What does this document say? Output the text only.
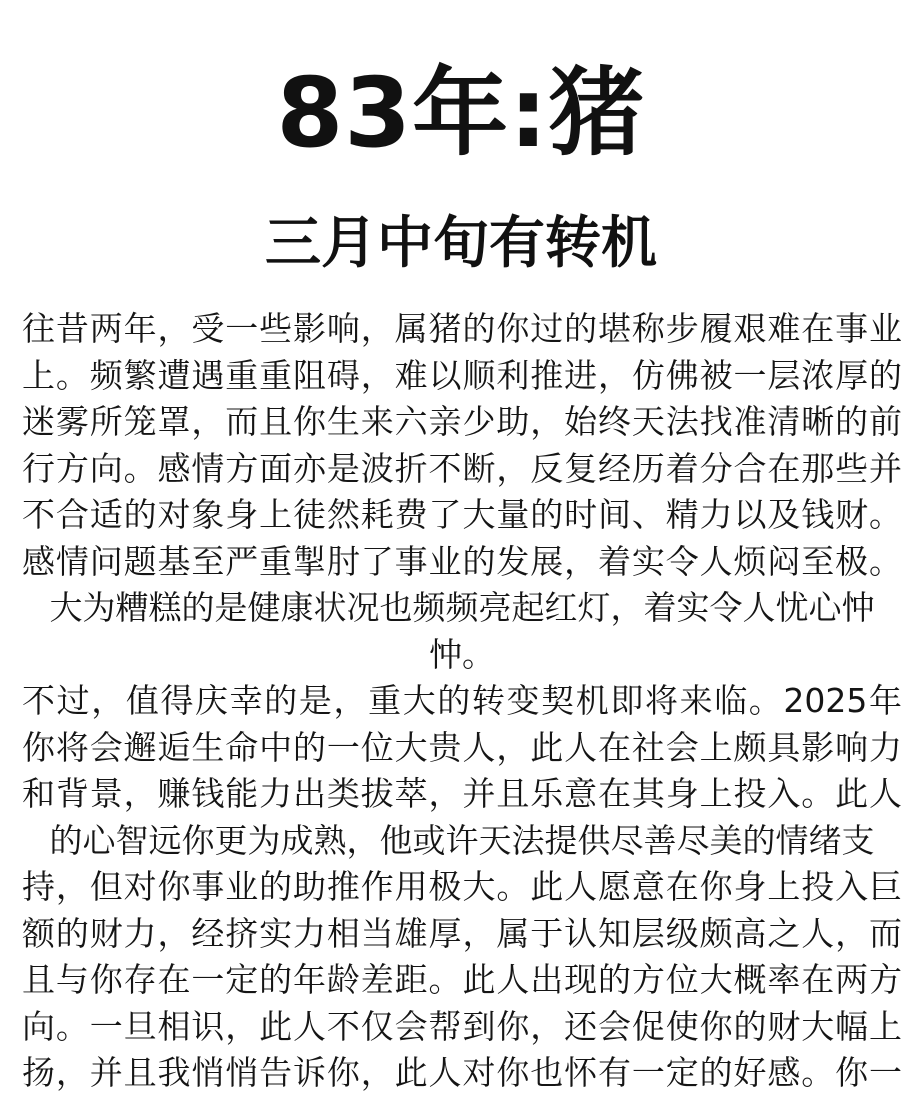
83年:猪
三月中旬有转机
往昔两年，受一些影响，属猪的你过的堪称步履艰难在事业
上。频繁遭遇重重阻碍，难以顺利推进，仿佛被一层浓厚的
迷雾所笼罩，而且你生来六亲少助，始终天法找准清晰的前
行方向。感情方面亦是波折不断，反复经历着分合在那些并
不合适的对象身上徒然耗费了大量的时间、精力以及钱财。
感情问题基至严重掣肘了事业的发展，着实令人烦闷至极。
大为糟糕的是健康状况也频频亮起红灯，着实令人忧心忡
忡。
不过，值得庆幸的是，重大的转变契机即将来临。2025年
你将会邂逅生命中的一位大贵人，此人在社会上颇具影响力
和背景，赚钱能力出类拔萃，并且乐意在其身上投入。此人
的心智远你更为成熟，他或许天法提供尽善尽美的情绪支
持，但对你事业的助推作用极大。此人愿意在你身上投入巨
额的财力，经挤实力相当雄厚，属于认知层级颇高之人，而
且与你存在一定的年龄差距。此人出现的方位大概率在两方
向。一旦相识，此人不仅会帮到你，还会促使你的财大幅上
扬，并且我悄悄告诉你，此人对你也怀有一定的好感。你一
